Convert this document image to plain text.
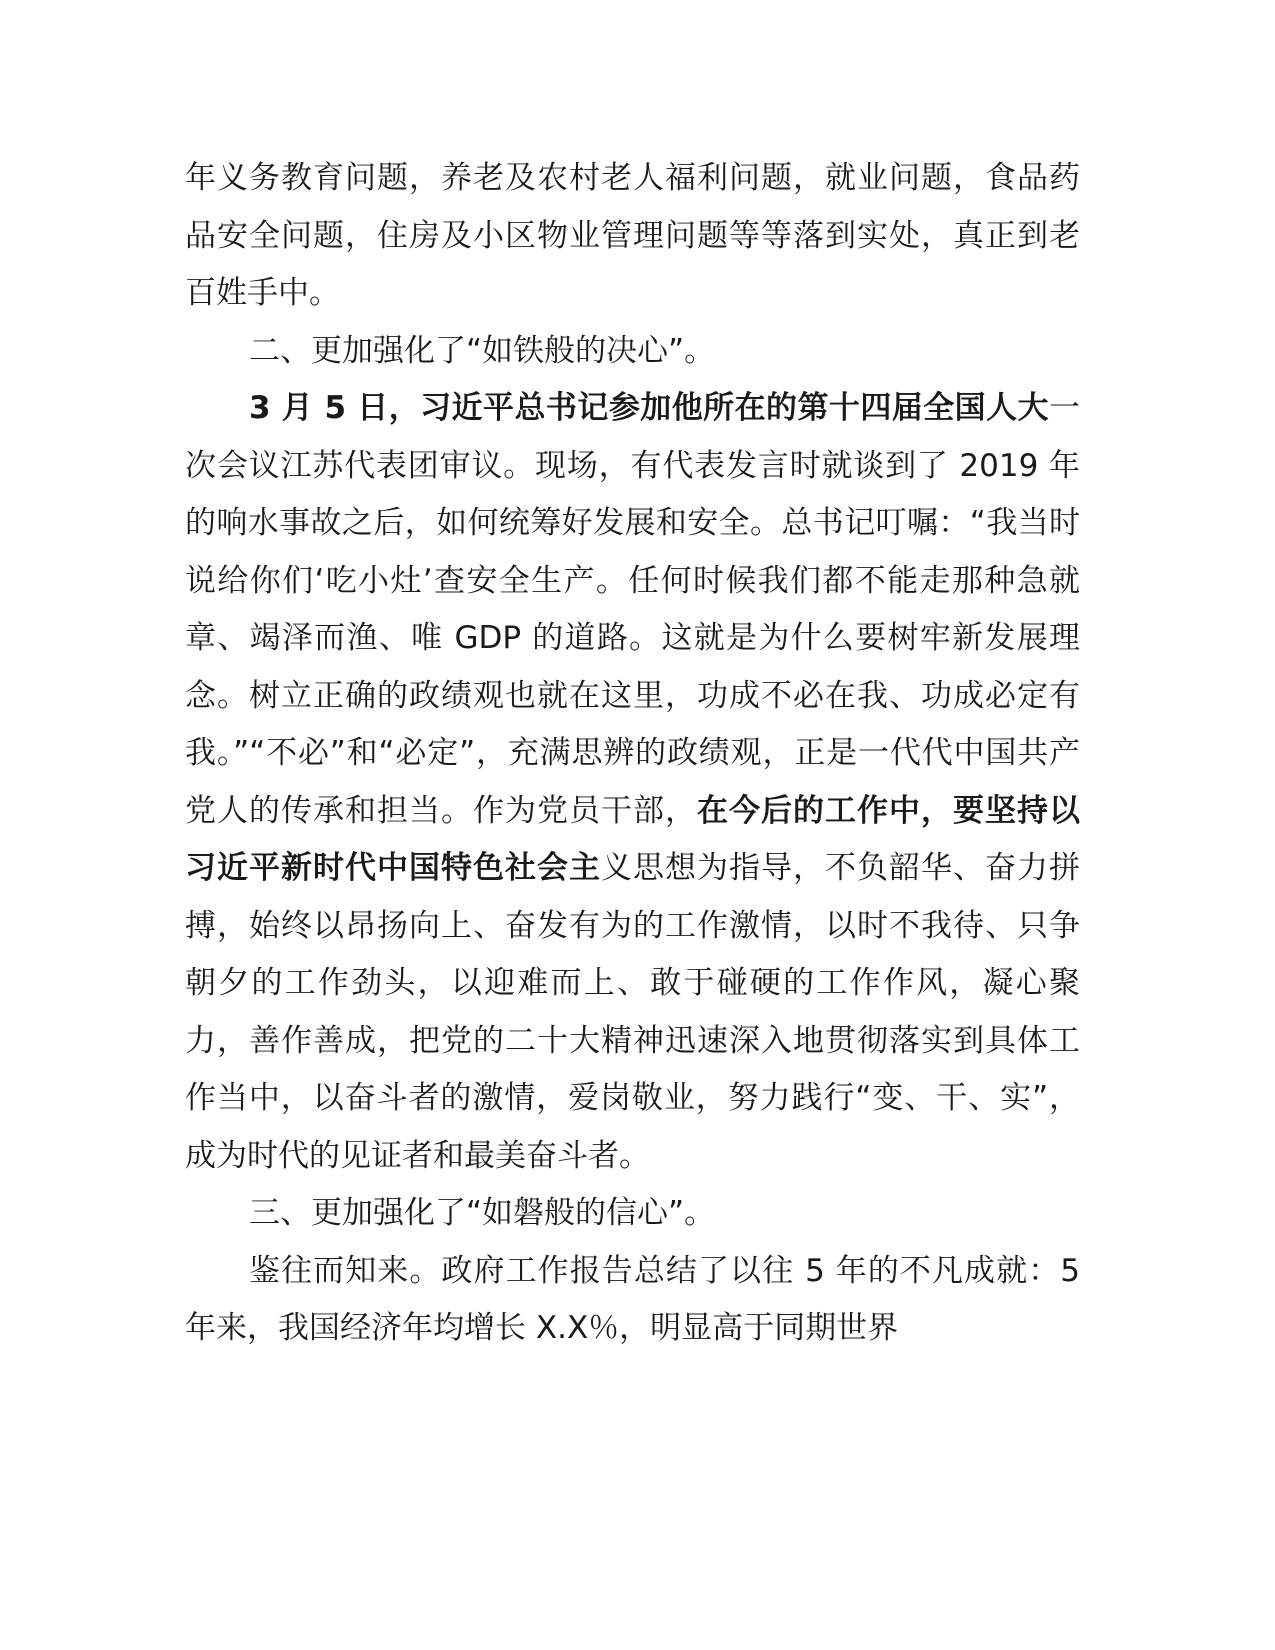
年义务教育问题，养老及农村老人福利问题，就业问题，食品药品安全问题，住房及小区物业管理问题等等落到实处，真正到老百姓手中。

二、更加强化了“如铁般的决心”。

3 月 5 日，习近平总书记参加他所在的第十四届全国人大一次会议江苏代表团审议。现场，有代表发言时就谈到了 2019 年的响水事故之后，如何统筹好发展和安全。总书记叮嘱：“我当时说给你们‘吃小灶’查安全生产。任何时候我们都不能走那种急就章、竭泽而渔、唯 GDP 的道路。这就是为什么要树牢新发展理念。树立正确的政绩观也就在这里，功成不必在我、功成必定有我。”“不必”和“必定”，充满思辨的政绩观，正是一代代中国共产党人的传承和担当。作为党员干部，在今后的工作中，要坚持以习近平新时代中国特色社会主义思想为指导，不负韶华、奋力拼搏，始终以昂扬向上、奋发有为的工作激情，以时不我待、只争朝夕的工作劲头，以迎难而上、敢于碰硬的工作作风，凝心聚力，善作善成，把党的二十大精神迅速深入地贯彻落实到具体工作当中，以奋斗者的激情，爱岗敬业，努力践行“变、干、实”，成为时代的见证者和最美奋斗者。

三、更加强化了“如磐般的信心”。

鉴往而知来。政府工作报告总结了以往 5 年的不凡成就：5 年来，我国经济年均增长 X.X％，明显高于同期世界
